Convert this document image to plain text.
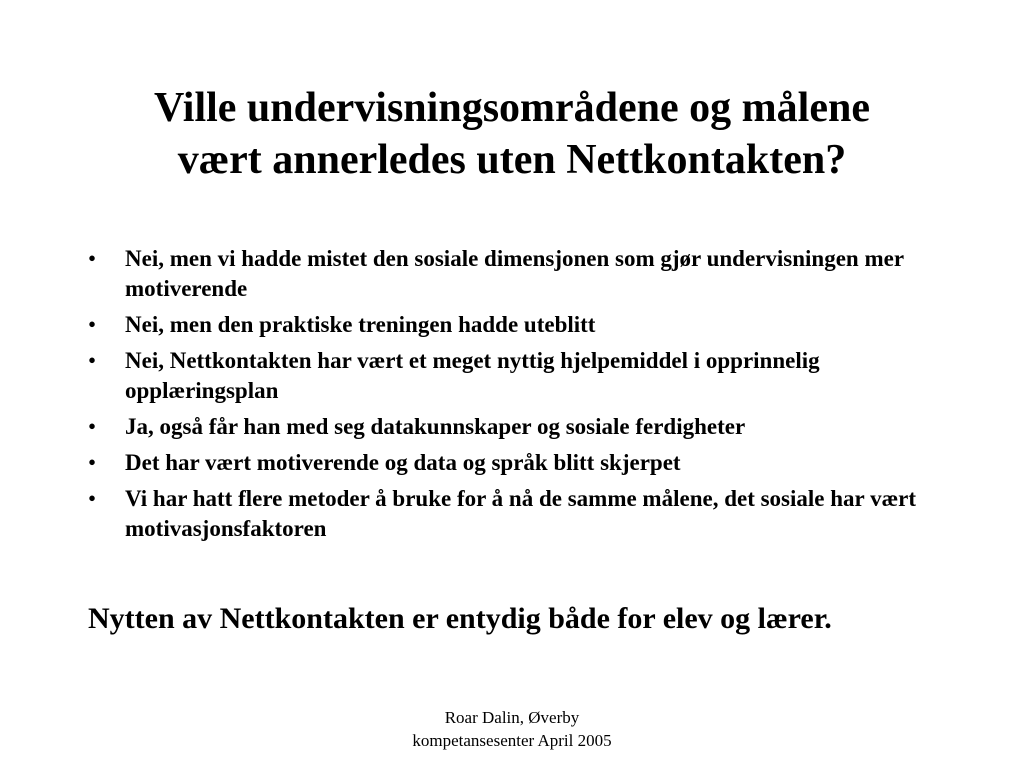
Ville undervisningsområdene og målene
vært annerledes uten Nettkontakten?
• Nei, men vi hadde mistet den sosiale dimensjonen som gjør undervisningen mer motiverende
• Nei, men den praktiske treningen hadde uteblitt
• Nei, Nettkontakten har vært et meget nyttig hjelpemiddel i opprinnelig opplæringsplan
• Ja, også får han med seg datakunnskaper og sosiale ferdigheter
• Det har vært motiverende og data og språk blitt skjerpet
• Vi har hatt flere metoder å bruke for å nå de samme målene, det sosiale har vært motivasjonsfaktoren
Nytten av Nettkontakten er entydig både for elev og lærer.
Roar Dalin, Øverby
kompetansesenter April 2005
